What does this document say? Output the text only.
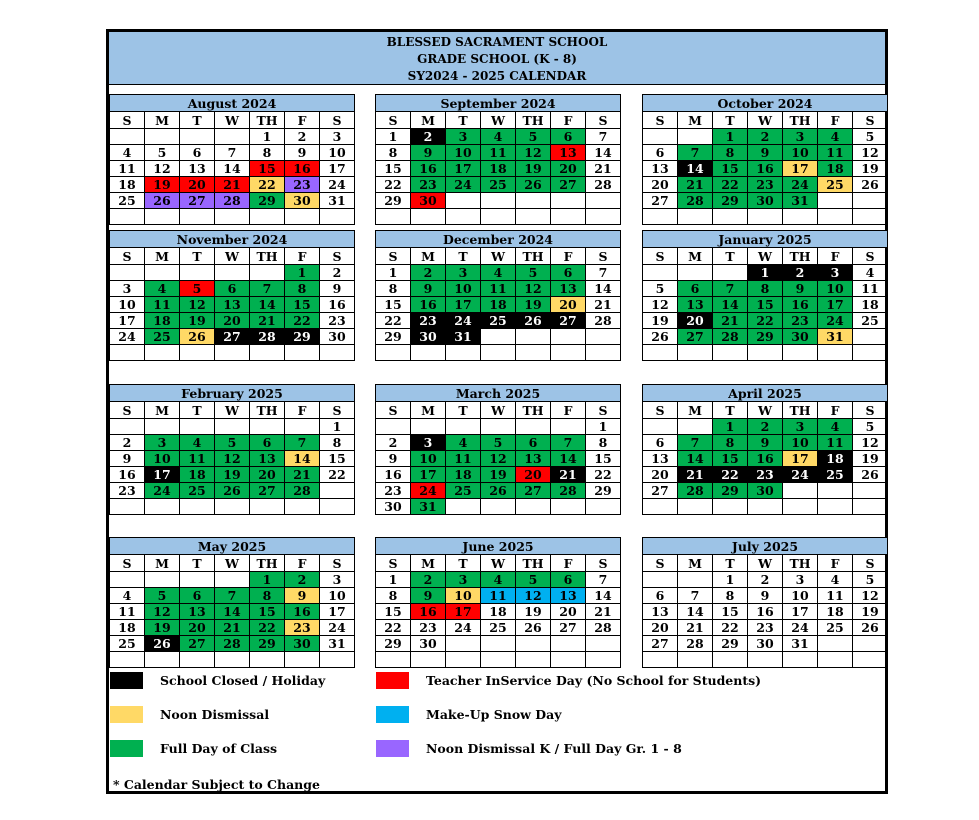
BLESSED SACRAMENT SCHOOL
GRADE SCHOOL (K - 8)
SY2024 - 2025 CALENDAR
August 2024
S	M	T	W	TH	F	S
				1	2	3
4	5	6	7	8	9	10
11	12	13	14	15	16	17
18	19	20	21	22	23	24
25	26	27	28	29	30	31

September 2024
S	M	T	W	TH	F	S
1	2	3	4	5	6	7
8	9	10	11	12	13	14
15	16	17	18	19	20	21
22	23	24	25	26	27	28
29	30					

October 2024
S	M	T	W	TH	F	S
		1	2	3	4	5
6	7	8	9	10	11	12
13	14	15	16	17	18	19
20	21	22	23	24	25	26
27	28	29	30	31		

November 2024
S	M	T	W	TH	F	S
					1	2
3	4	5	6	7	8	9
10	11	12	13	14	15	16
17	18	19	20	21	22	23
24	25	26	27	28	29	30

December 2024
S	M	T	W	TH	F	S
1	2	3	4	5	6	7
8	9	10	11	12	13	14
15	16	17	18	19	20	21
22	23	24	25	26	27	28
29	30	31				

January 2025
S	M	T	W	TH	F	S
			1	2	3	4
5	6	7	8	9	10	11
12	13	14	15	16	17	18
19	20	21	22	23	24	25
26	27	28	29	30	31	

February 2025
S	M	T	W	TH	F	S
						1
2	3	4	5	6	7	8
9	10	11	12	13	14	15
16	17	18	19	20	21	22
23	24	25	26	27	28	

March 2025
S	M	T	W	TH	F	S
						1
2	3	4	5	6	7	8
9	10	11	12	13	14	15
16	17	18	19	20	21	22
23	24	25	26	27	28	29
30	31					
April 2025
S	M	T	W	TH	F	S
		1	2	3	4	5
6	7	8	9	10	11	12
13	14	15	16	17	18	19
20	21	22	23	24	25	26
27	28	29	30			

May 2025
S	M	T	W	TH	F	S
				1	2	3
4	5	6	7	8	9	10
11	12	13	14	15	16	17
18	19	20	21	22	23	24
25	26	27	28	29	30	31

June 2025
S	M	T	W	TH	F	S
1	2	3	4	5	6	7
8	9	10	11	12	13	14
15	16	17	18	19	20	21
22	23	24	25	26	27	28
29	30					

July 2025
S	M	T	W	TH	F	S
		1	2	3	4	5
6	7	8	9	10	11	12
13	14	15	16	17	18	19
20	21	22	23	24	25	26
27	28	29	30	31		

School Closed / Holiday	Teacher InService Day (No School for Students)
Noon Dismissal	Make-Up Snow Day
Full Day of Class	Noon Dismissal K / Full Day Gr. 1 - 8
* Calendar Subject to Change
